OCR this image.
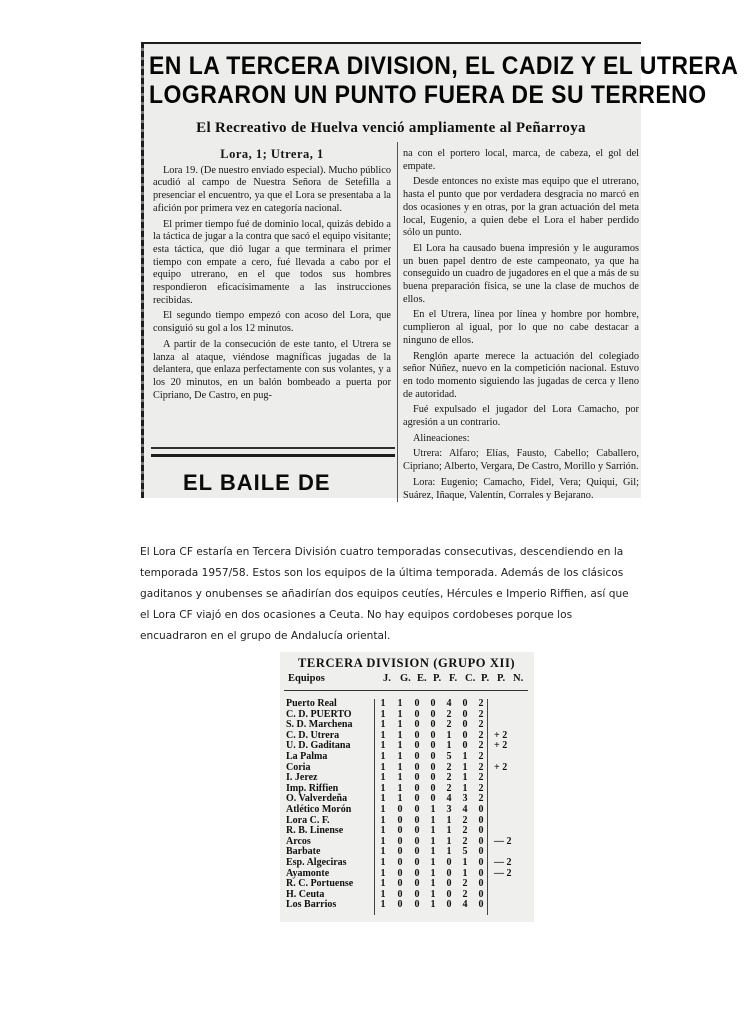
EN LA TERCERA DIVISION, EL CADIZ Y EL UTRERA
LOGRARON UN PUNTO FUERA DE SU TERRENO
El Recreativo de Huelva venció ampliamente al Peñarroya
Lora, 1; Utrera, 1

Lora 19. (De nuestro enviado especial). Mucho público acudió al campo de Nuestra Señora de Setefilla a presenciar el encuentro, ya que el Lora se presentaba a la afición por primera vez en categoría nacional.

El primer tiempo fué de dominio local, quizás debido a la táctica de jugar a la contra que sacó el equipo visitante; esta táctica, que dió lugar a que terminara el primer tiempo con empate a cero, fué llevada a cabo por el equipo utrerano, en el que todos sus hombres respondieron eficacísimamente a las instrucciones recibidas.

El segundo tiempo empezó con acoso del Lora, que consiguió su gol a los 12 minutos.

A partir de la consecución de este tanto, el Utrera se lanza al ataque, viéndose magníficas jugadas de la delantera, que enlaza perfectamente con sus volantes, y a los 20 minutos, en un balón bombeado a puerta por Cipriano, De Castro, en pug-

na con el portero local, marca, de cabeza, el gol del empate.

Desde entonces no existe mas equipo que el utrerano, hasta el punto que por verdadera desgracia no marcó en dos ocasiones y en otras, por la gran actuación del meta local, Eugenio, a quien debe el Lora el haber perdido sólo un punto.

El Lora ha causado buena impresión y le auguramos un buen papel dentro de este campeonato, ya que ha conseguido un cuadro de jugadores en el que a más de su buena preparación física, se une la clase de muchos de ellos.

En el Utrera, línea por línea y hombre por hombre, cumplieron al igual, por lo que no cabe destacar a ninguno de ellos.

Renglón aparte merece la actuación del colegiado señor Núñez, nuevo en la competición nacional. Estuvo en todo momento siguiendo las jugadas de cerca y lleno de autoridad.

Fué expulsado el jugador del Lora Camacho, por agresión a un contrario.

Alineaciones:

Utrera: Alfaro; Elías, Fausto, Cabello; Caballero, Cipriano; Alberto, Vergara, De Castro, Morillo y Sarrión.

Lora: Eugenio; Camacho, Fidel, Vera; Quiqui, Gil; Suárez, Iñaque, Valentín, Corrales y Bejarano.

EL BAILE DE
El Lora CF estaría en Tercera División cuatro temporadas consecutivas, descendiendo en la temporada 1957/58. Estos son los equipos de la última temporada. Además de los clásicos gaditanos y onubenses se añadirían dos equipos ceutíes, Hércules e Imperio Riffien, así que el Lora CF viajó en dos ocasiones a Ceuta. No hay equipos cordobeses porque los encuadraron en el grupo de Andalucía oriental.
TERCERA DIVISION (GRUPO XII)
Equipos	J. G. E. P. F. C. P. P. N.
Puerto Real	1 1 0 0 4 0 2
C. D. PUERTO	1 1 0 0 2 0 2
S. D. Marchena	1 1 0 0 2 0 2
C. D. Utrera	1 1 0 0 1 0 2 + 2
U. D. Gaditana	1 1 0 0 1 0 2 + 2
La Palma	1 1 0 0 5 1 2
Coria	1 1 0 0 2 1 2 + 2
I. Jerez	1 1 0 0 2 1 2
Imp. Riffien	1 1 0 0 2 1 2
O. Valverdeña	1 1 0 0 4 3 2
Atlético Morón	1 0 0 1 3 4 0
Lora C. F.	1 0 0 1 1 2 0
R. B. Linense	1 0 0 1 1 2 0
Arcos	1 0 0 1 1 2 0 — 2
Barbate	1 0 0 1 1 5 0
Esp. Algeciras	1 0 0 1 0 1 0 — 2
Ayamonte	1 0 0 1 0 1 0 — 2
R. C. Portuense	1 0 0 1 0 2 0
H. Ceuta	1 0 0 1 0 2 0
Los Barrios	1 0 0 1 0 4 0
